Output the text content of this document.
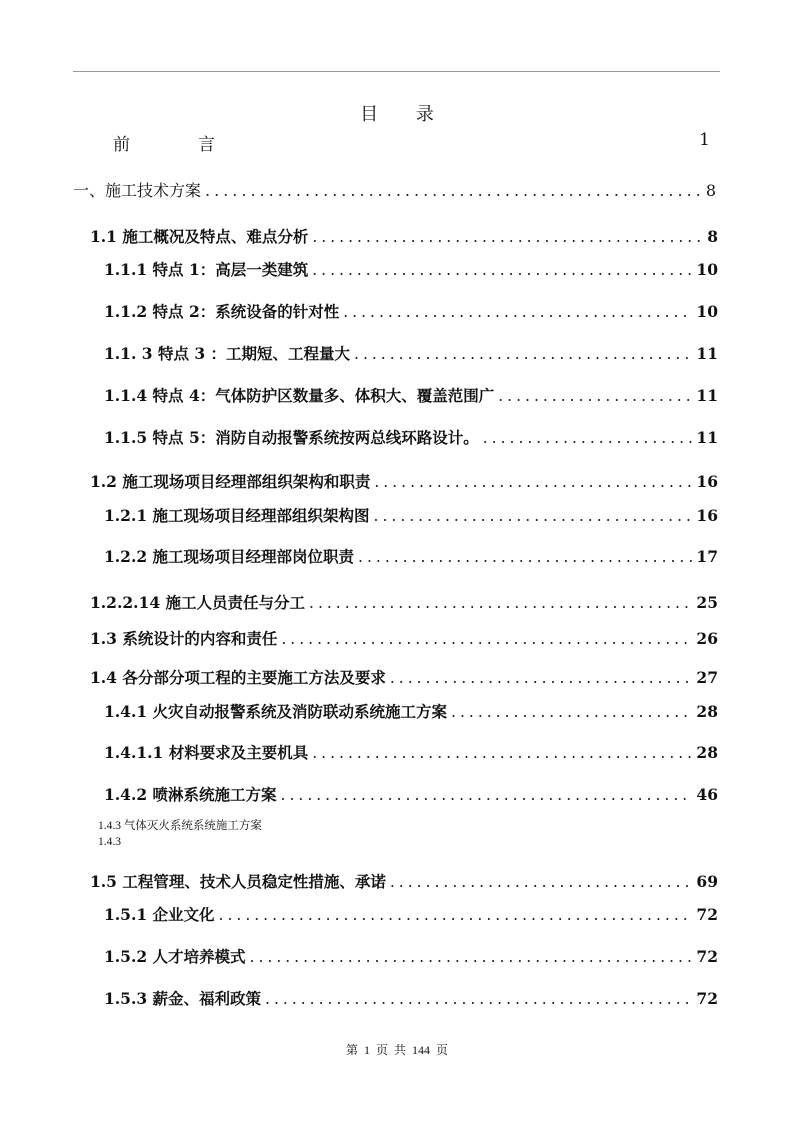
目 录
前	言	1
一、施工技术方案 .....	8
1.1 施工概况及特点、难点分析 .....	8
1.1.1 特点 1：高层一类建筑 .....	10
1.1.2 特点 2：系统设备的针对性 .....	10
1.1. 3 特点 3 ：工期短、工程量大 .....	11
1.1.4 特点 4：气体防护区数量多、体积大、覆盖范围广 .....	11
1.1.5 特点 5：消防自动报警系统按两总线环路设计。 .....	11
1.2 施工现场项目经理部组织架构和职责 .....	16
1.2.1 施工现场项目经理部组织架构图 .....	16
1.2.2 施工现场项目经理部岗位职责 .....	17
1.2.2.14 施工人员责任与分工 .....	25
1.3 系统设计的内容和责任 .....	26
1.4 各分部分项工程的主要施工方法及要求 .....	27
1.4.1 火灾自动报警系统及消防联动系统施工方案 .....	28
1.4.1.1 材料要求及主要机具 .....	28
1.4.2 喷淋系统施工方案 .....	46
1.4.3 气体灭火系统系统施工方案
1.4.3
1.5 工程管理、技术人员稳定性措施、承诺 .....	69
1.5.1 企业文化 .....	72
1.5.2 人才培养模式 .....	72
1.5.3 薪金、福利政策 .....	72
第 1 页 共 144 页
